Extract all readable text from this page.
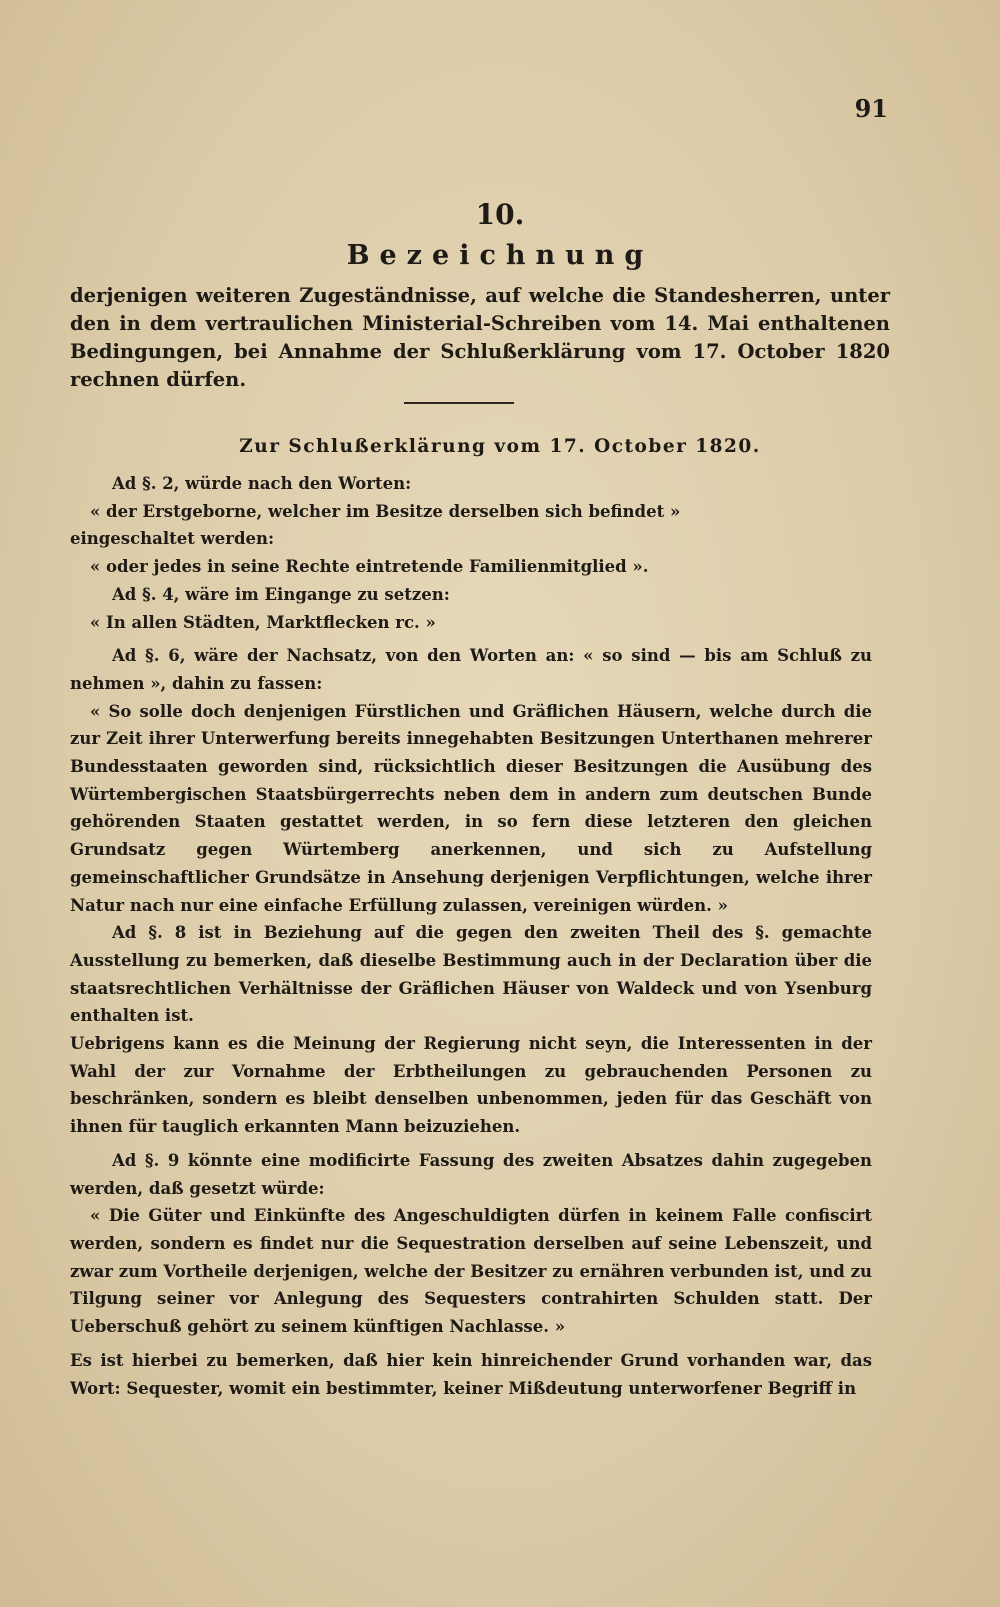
91
10.
Bezeichnung

derjenigen weiteren Zugeständnisse, auf welche die Standesherren, unter den in dem vertraulichen Ministerial-Schreiben vom 14. Mai enthaltenen Bedingungen, bei Annahme der Schlußerklärung vom 17. October 1820 rechnen dürfen.

Zur Schlußerklärung vom 17. October 1820.

Ad §. 2, würde nach den Worten:

« der Erstgeborne, welcher im Besitze derselben sich befindet »

eingeschaltet werden:

« oder jedes in seine Rechte eintretende Familienmitglied ».

Ad §. 4, wäre im Eingange zu setzen:

« In allen Städten, Marktflecken rc. »

Ad §. 6, wäre der Nachsatz, von den Worten an: « so sind — bis am Schluß zu nehmen », dahin zu fassen:

« So solle doch denjenigen Fürstlichen und Gräflichen Häusern, welche durch die zur Zeit ihrer Unterwerfung bereits innegehabten Besitzungen Unterthanen mehrerer Bundesstaaten geworden sind, rücksichtlich dieser Besitzungen die Ausübung des Würtembergischen Staatsbürgerrechts neben dem in andern zum deutschen Bunde gehörenden Staaten gestattet werden, in so fern diese letzteren den gleichen Grundsatz gegen Würtemberg anerkennen, und sich zu Aufstellung gemeinschaftlicher Grundsätze in Ansehung derjenigen Verpflichtungen, welche ihrer Natur nach nur eine einfache Erfüllung zulassen, vereinigen würden. »

Ad §. 8 ist in Beziehung auf die gegen den zweiten Theil des §. gemachte Ausstellung zu bemerken, daß dieselbe Bestimmung auch in der Declaration über die staatsrechtlichen Verhältnisse der Gräflichen Häuser von Waldeck und von Ysenburg enthalten ist.

Uebrigens kann es die Meinung der Regierung nicht seyn, die Interessenten in der Wahl der zur Vornahme der Erbtheilungen zu gebrauchenden Personen zu beschränken, sondern es bleibt denselben unbenommen, jeden für das Geschäft von ihnen für tauglich erkannten Mann beizuziehen.

Ad §. 9 könnte eine modificirte Fassung des zweiten Absatzes dahin zugegeben werden, daß gesetzt würde:

« Die Güter und Einkünfte des Angeschuldigten dürfen in keinem Falle confiscirt werden, sondern es findet nur die Sequestration derselben auf seine Lebenszeit, und zwar zum Vortheile derjenigen, welche der Besitzer zu ernähren verbunden ist, und zu Tilgung seiner vor Anlegung des Sequesters contrahirten Schulden statt. Der Ueberschuß gehört zu seinem künftigen Nachlasse. »

Es ist hierbei zu bemerken, daß hier kein hinreichender Grund vorhanden war, das Wort: Sequester, womit ein bestimmter, keiner Mißdeutung unterworfener Begriff in
